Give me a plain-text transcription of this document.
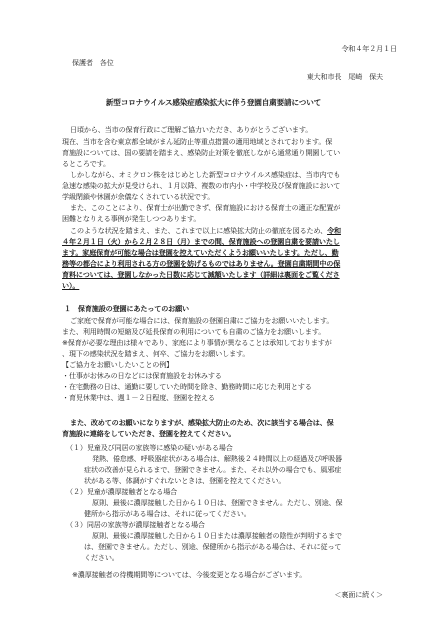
令和４年２月１日
保護者　各位
東大和市長　尾崎　保夫
新型コロナウイルス感染症感染拡大に伴う登園自粛要請について
日頃から、当市の保育行政にご理解ご協力いただき、ありがとうございます。
現在、当市を含む東京都全域がまん延防止等重点措置の適用地域とされております。保
育施設については、国の要請を踏まえ、感染防止対策を徹底しながら通常通り開園してい
るところです。
しかしながら、オミクロン株をはじめとした新型コロナウイルス感染症は、当市内でも
急速な感染の拡大が見受けられ、１月以降、複数の市内小・中学校及び保育施設において
学級閉鎖や休園が余儀なくされている状況です。
また、このことにより、保育士が出勤できず、保育施設における保育士の適正な配置が
困難となりえる事例が発生しつつあります。
このような状況を踏まえ、また、これまで以上に感染拡大防止の徹底を図るため、令和
４年２月１日（火）から２月２８日（月）までの間、保育施設への登園自粛を要請いたし
ます。家庭保育が可能な場合は登園を控えていただくようお願いいたします。ただし、勤
務等の都合により利用される方の登園を妨げるものではありません。登園自粛期間中の保
育料については、登園しなかった日数に応じて減額いたします（詳細は裏面をご覧くださ
い）。
１　保育施設の登園にあたってのお願い
ご家庭で保育が可能な場合には、保育施設の登園自粛にご協力をお願いいたします。
また、利用時間の短縮及び延長保育の利用についても自粛のご協力をお願いします。
※保育が必要な理由は様々であり、家庭により事情が異なることは承知しておりますが
、現下の感染状況を踏まえ、何卒、ご協力をお願いします。
【ご協力をお願いしたいことの例】
・仕事がお休みの日などには保育施設をお休みする
・在宅勤務の日は、通勤に要していた時間を除き、勤務時間に応じた利用とする
・育児休業中は、週１－２日程度、登園を控える
また、改めてのお願いになりますが、感染拡大防止のため、次に該当する場合は、保
育施設に連絡をしていただき、登園を控えてください。
（１）児童及び同居の家族等に感染の疑いがある場合
発熱、倦怠感、呼吸器症状がある場合は、解熱後２４時間以上の経過及び呼吸器
症状の改善が見られるまで、登園できません。また、それ以外の場合でも、風邪症
状がある等、体調がすぐれないときは、登園を控えてください。
（２）児童が濃厚接触者となる場合
原則、最後に濃厚接触した日から１０日は、登園できません。ただし、別途、保
健所から指示がある場合は、それに従ってください。
（３）同居の家族等が濃厚接触者となる場合
原則、最後に濃厚接触した日から１０日または濃厚接触者の陰性が判明するまで
は、登園できません。ただし、別途、保健所から指示がある場合は、それに従って
ください。
※濃厚接触者の待機期間等については、今後変更となる場合がございます。
＜裏面に続く＞
